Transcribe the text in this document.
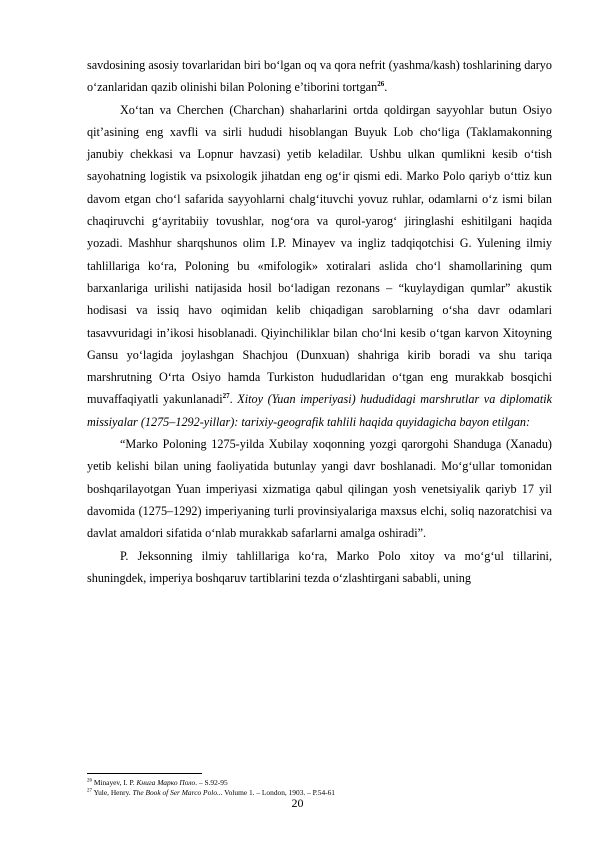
savdosining asosiy tovarlaridan biri bo‘lgan oq va qora nefrit (yashma/kash) toshlarining daryo o‘zanlaridan qazib olinishi bilan Poloning e’tiborini tortgan$^{26}$.

Xo‘tan va Cherchen (Charchan) shaharlarini ortda qoldirgan sayyohlar butun Osiyo qit’asining eng xavfli va sirli hududi hisoblangan Buyuk Lob cho‘liga (Taklamakonning janubiy chekkasi va Lopnur havzasi) yetib keladilar. Ushbu ulkan qumlikni kesib o‘tish sayohatning logistik va psixologik jihatdan eng og‘ir qismi edi. Marko Polo qariyb o‘ttiz kun davom etgan cho‘l safarida sayyohlarni chalg‘ituvchi yovuz ruhlar, odamlarni o‘z ismi bilan chaqiruvchi g‘ayritabiiy tovushlar, nog‘ora va qurol-yarog‘ jiringlashi eshitilgani haqida yozadi. Mashhur sharqshunos olim I.P. Minayev va ingliz tadqiqotchisi G. Yulening ilmiy tahlillariga ko‘ra, Poloning bu «mifologik» xotiralari aslida cho‘l shamollarining qum barxanlariga urilishi natijasida hosil bo‘ladigan rezonans – “kuylaydigan qumlar” akustik hodisasi va issiq havo oqimidan kelib chiqadigan saroblarning o‘sha davr odamlari tasavvuridagi in’ikosi hisoblanadi. Qiyinchiliklar bilan cho‘lni kesib o‘tgan karvon Xitoyning Gansu yo‘lagida joylashgan Shachjou (Dunxuan) shahriga kirib boradi va shu tariqa marshrutning O‘rta Osiyo hamda Turkiston hududlaridan o‘tgan eng murakkab bosqichi muvaffaqiyatli yakunlanadi$^{27}$. Xitoy (Yuan imperiyasi) hududidagi marshrutlar va diplomatik missiyalar (1275–1292-yillar): tarixiy-geografik tahlili haqida quyidagicha bayon etilgan:

“Marko Poloning 1275-yilda Xubilay xoqonning yozgi qarorgohi Shanduga (Xanadu) yetib kelishi bilan uning faoliyatida butunlay yangi davr boshlanadi. Mo‘g‘ullar tomonidan boshqarilayotgan Yuan imperiyasi xizmatiga qabul qilingan yosh venetsiyalik qariyb 17 yil davomida (1275–1292) imperiyaning turli provinsiyalariga maxsus elchi, soliq nazoratchisi va davlat amaldori sifatida o‘nlab murakkab safarlarni amalga oshiradi”.

P. Jeksonning ilmiy tahlillariga ko‘ra, Marko Polo xitoy va mo‘g‘ul tillarini, shuningdek, imperiya boshqaruv tartiblarini tezda o‘zlashtirgani sababli, uning

$^{26}$ Minayev, I. P. Книга Марко Поло. – S.92-95

$^{27}$ Yule, Henry. The Book of Ser Marco Polo... Volume 1. – London, 1903. – P.54-61

20
